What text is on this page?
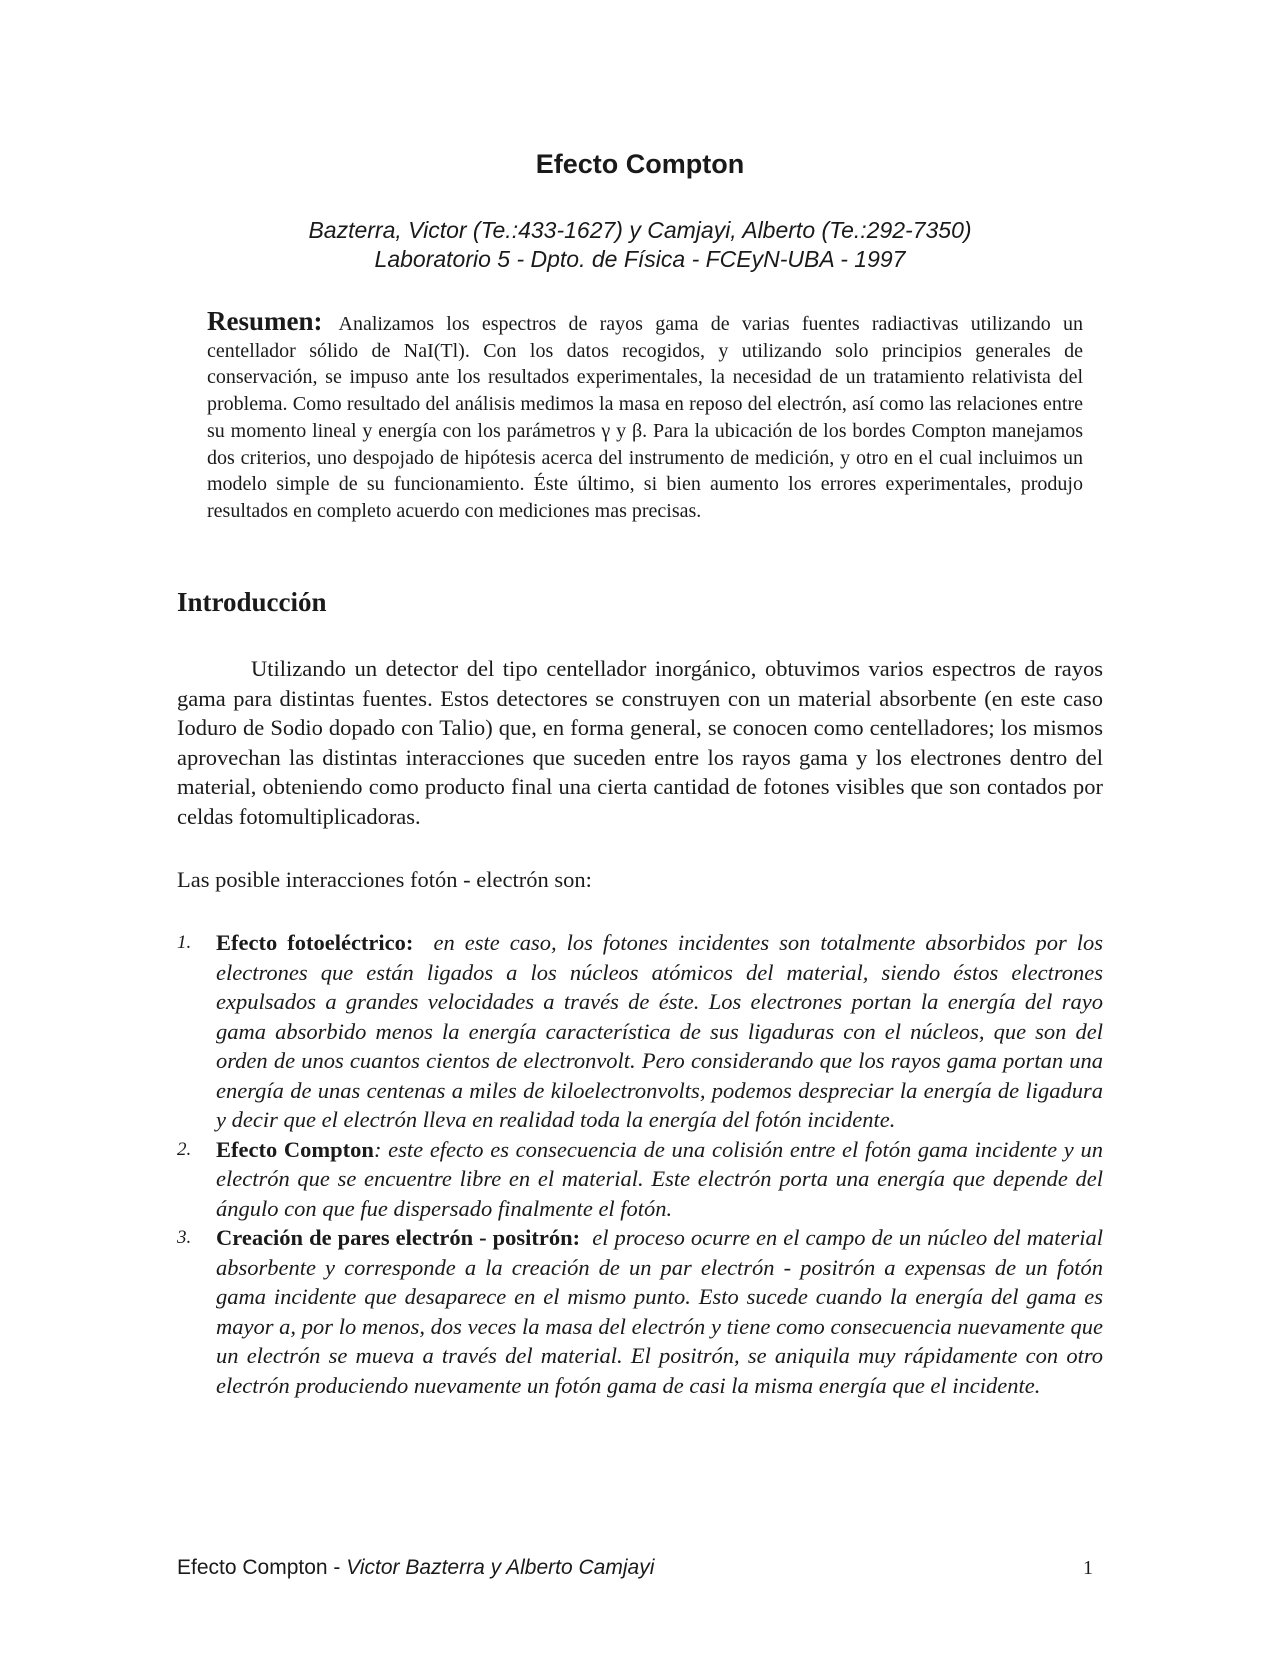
Efecto Compton
Bazterra, Victor (Te.:433-1627) y Camjayi, Alberto (Te.:292-7350)
Laboratorio 5 - Dpto. de Física - FCEyN-UBA - 1997
Resumen: Analizamos los espectros de rayos gama de varias fuentes radiactivas utilizando un centellador sólido de NaI(Tl). Con los datos recogidos, y utilizando solo principios generales de conservación, se impuso ante los resultados experimentales, la necesidad de un tratamiento relativista del problema. Como resultado del análisis medimos la masa en reposo del electrón, así como las relaciones entre su momento lineal y energía con los parámetros γ y β. Para la ubicación de los bordes Compton manejamos dos criterios, uno despojado de hipótesis acerca del instrumento de medición, y otro en el cual incluimos un modelo simple de su funcionamiento. Éste último, si bien aumento los errores experimentales, produjo resultados en completo acuerdo con mediciones mas precisas.
Introducción

Utilizando un detector del tipo centellador inorgánico, obtuvimos varios espectros de rayos gama para distintas fuentes. Estos detectores se construyen con un material absorbente (en este caso Ioduro de Sodio dopado con Talio) que, en forma general, se conocen como centelladores; los mismos aprovechan las distintas interacciones que suceden entre los rayos gama y los electrones dentro del material, obteniendo como producto final una cierta cantidad de fotones visibles que son contados por celdas fotomultiplicadoras.

Las posible interacciones fotón - electrón son:
1. Efecto fotoeléctrico: en este caso, los fotones incidentes son totalmente absorbidos por los electrones que están ligados a los núcleos atómicos del material, siendo éstos electrones expulsados a grandes velocidades a través de éste. Los electrones portan la energía del rayo gama absorbido menos la energía característica de sus ligaduras con el núcleos, que son del orden de unos cuantos cientos de electronvolt. Pero considerando que los rayos gama portan una energía de unas centenas a miles de kiloelectronvolts, podemos despreciar la energía de ligadura y decir que el electrón lleva en realidad toda la energía del fotón incidente.
2. Efecto Compton: este efecto es consecuencia de una colisión entre el fotón gama incidente y un electrón que se encuentre libre en el material. Este electrón porta una energía que depende del ángulo con que fue dispersado finalmente el fotón.
3. Creación de pares electrón - positrón: el proceso ocurre en el campo de un núcleo del material absorbente y corresponde a la creación de un par electrón - positrón a expensas de un fotón gama incidente que desaparece en el mismo punto. Esto sucede cuando la energía del gama es mayor a, por lo menos, dos veces la masa del electrón y tiene como consecuencia nuevamente que un electrón se mueva a través del material. El positrón, se aniquila muy rápidamente con otro electrón produciendo nuevamente un fotón gama de casi la misma energía que el incidente.
Efecto Compton - Victor Bazterra y Alberto Camjayi	1
